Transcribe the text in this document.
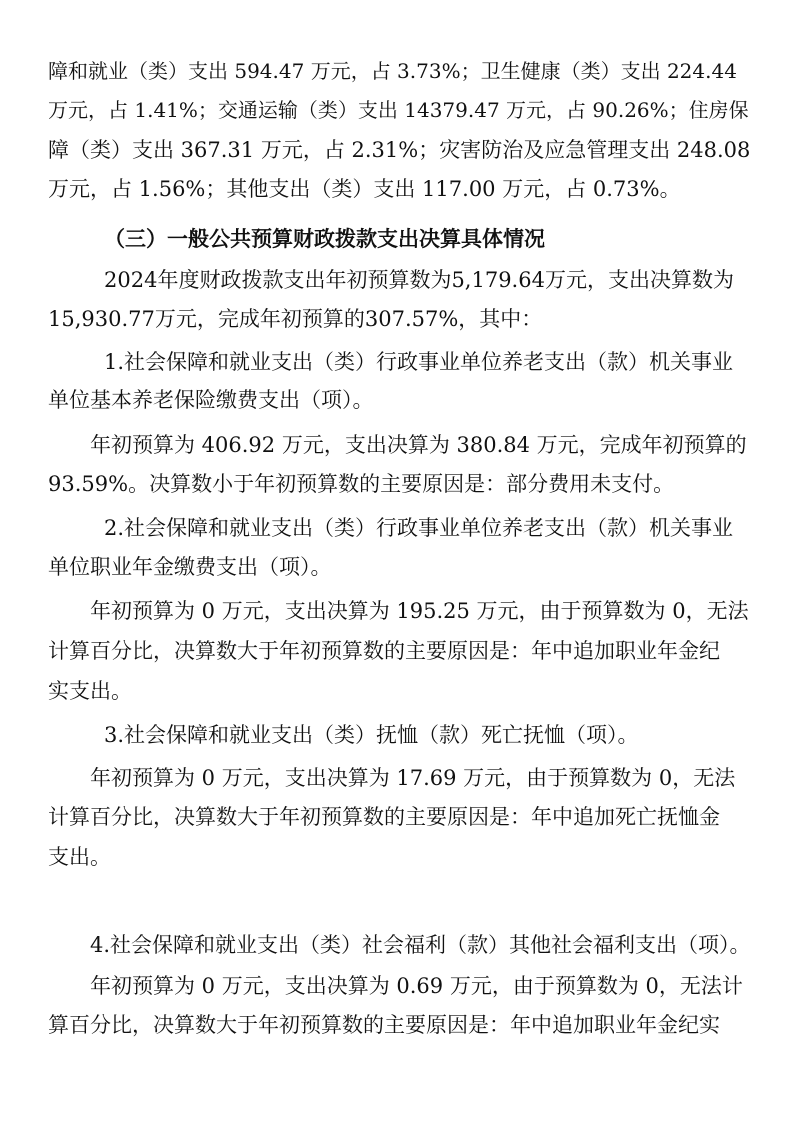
障和就业（类）支出 594.47 万元，占 3.73%；卫生健康（类）支出 224.44
万元，占 1.41%；交通运输（类）支出 14379.47 万元，占 90.26%；住房保
障（类）支出 367.31 万元，占 2.31%；灾害防治及应急管理支出 248.08
万元，占 1.56%；其他支出（类）支出 117.00 万元，占 0.73%。
（三）一般公共预算财政拨款支出决算具体情况
2024年度财政拨款支出年初预算数为5,179.64万元，支出决算数为
15,930.77万元，完成年初预算的307.57%，其中：
1.社会保障和就业支出（类）行政事业单位养老支出（款）机关事业
单位基本养老保险缴费支出（项）。
年初预算为 406.92 万元，支出决算为 380.84 万元，完成年初预算的
93.59%。决算数小于年初预算数的主要原因是：部分费用未支付。
2.社会保障和就业支出（类）行政事业单位养老支出（款）机关事业
单位职业年金缴费支出（项）。
年初预算为 0 万元，支出决算为 195.25 万元，由于预算数为 0，无法
计算百分比，决算数大于年初预算数的主要原因是：年中追加职业年金纪
实支出。
3.社会保障和就业支出（类）抚恤（款）死亡抚恤（项）。
年初预算为 0 万元，支出决算为 17.69 万元，由于预算数为 0，无法
计算百分比，决算数大于年初预算数的主要原因是：年中追加死亡抚恤金
支出。
4.社会保障和就业支出（类）社会福利（款）其他社会福利支出（项）。
年初预算为 0 万元，支出决算为 0.69 万元，由于预算数为 0，无法计
算百分比，决算数大于年初预算数的主要原因是：年中追加职业年金纪实
